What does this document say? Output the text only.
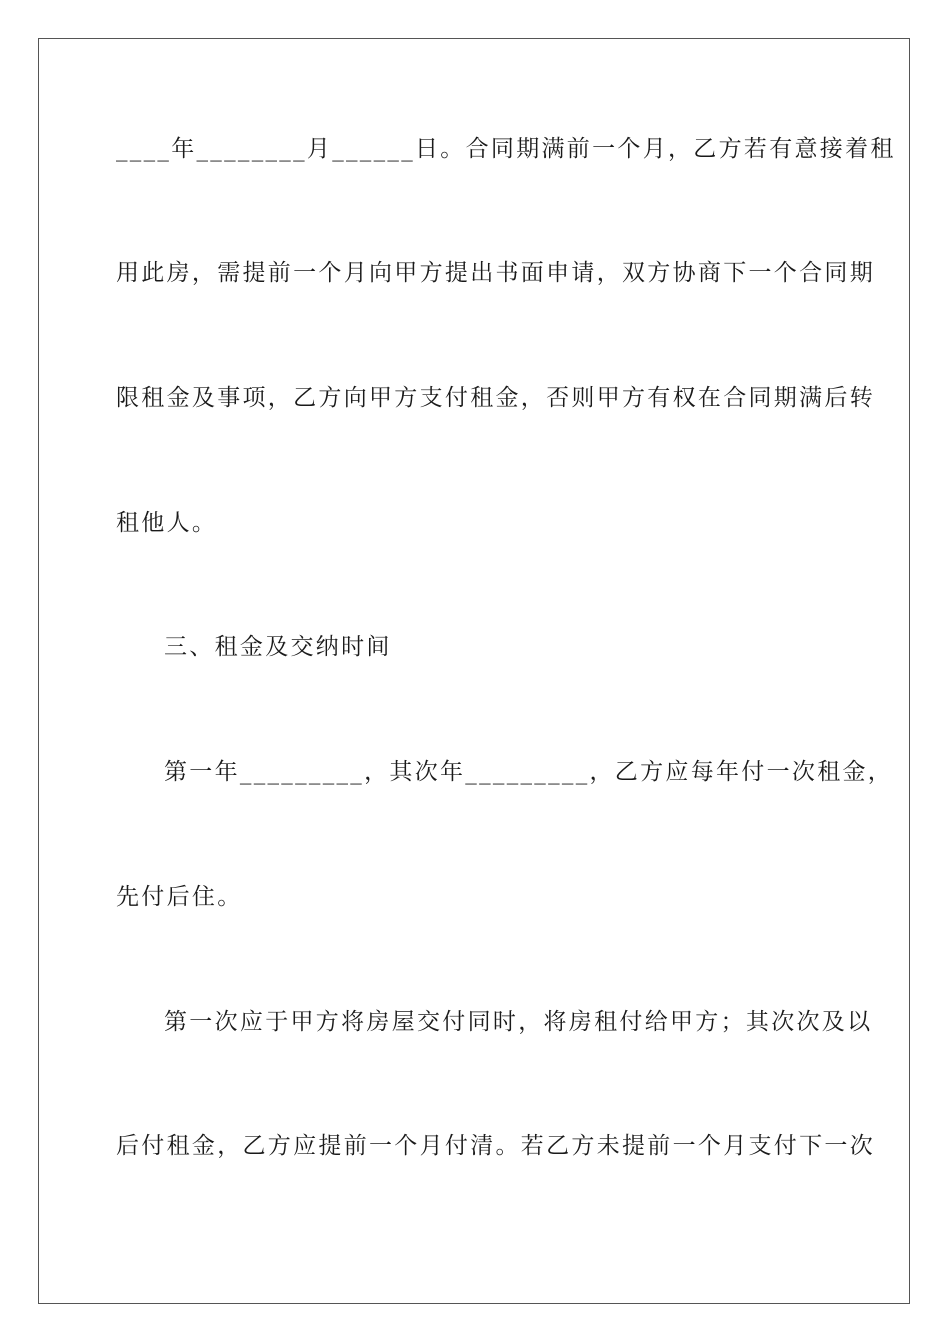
____年________月______日。合同期满前一个月，乙方若有意接着租
用此房，需提前一个月向甲方提出书面申请，双方协商下一个合同期
限租金及事项，乙方向甲方支付租金，否则甲方有权在合同期满后转
租他人。
三、租金及交纳时间
第一年_________，其次年_________，乙方应每年付一次租金，
先付后住。
第一次应于甲方将房屋交付同时，将房租付给甲方；其次次及以
后付租金，乙方应提前一个月付清。若乙方未提前一个月支付下一次
